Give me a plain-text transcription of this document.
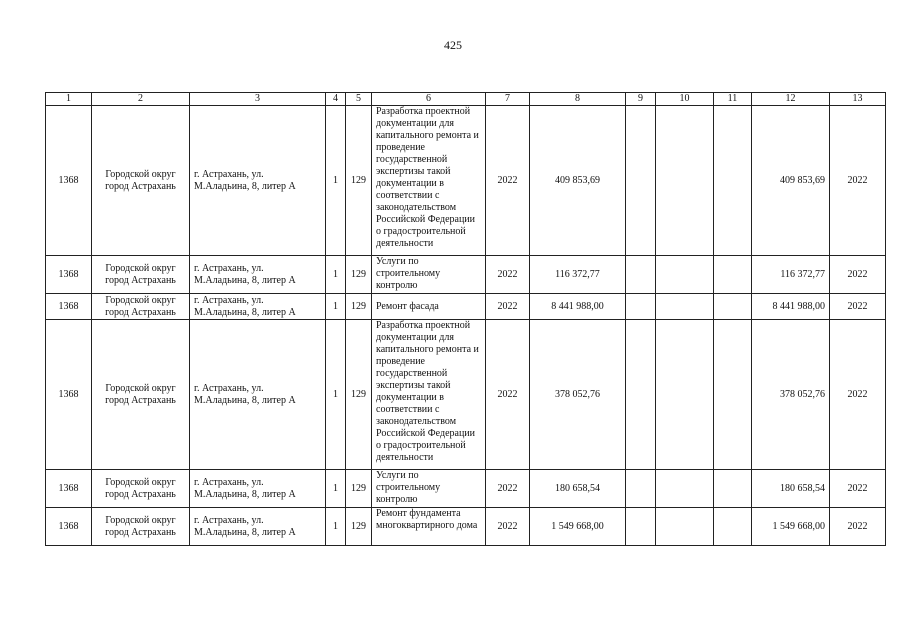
425
1	2	3	4	5	6	7	8	9	10	11	12	13
1368	Городской округ город Астрахань	г. Астрахань, ул. М.Аладьина, 8, литер А	1	129	Разработка проектной документации для капитального ремонта и проведение государственной экспертизы такой документации в соответствии с законодательством Российской Федерации о градостроительной деятельности	2022	409 853,69				409 853,69	2022
1368	Городской округ город Астрахань	г. Астрахань, ул. М.Аладьина, 8, литер А	1	129	Услуги по строительному контролю	2022	116 372,77				116 372,77	2022
1368	Городской округ город Астрахань	г. Астрахань, ул. М.Аладьина, 8, литер А	1	129	Ремонт фасада	2022	8 441 988,00				8 441 988,00	2022
1368	Городской округ город Астрахань	г. Астрахань, ул. М.Аладьина, 8, литер А	1	129	Разработка проектной документации для капитального ремонта и проведение государственной экспертизы такой документации в соответствии с законодательством Российской Федерации о градостроительной деятельности	2022	378 052,76				378 052,76	2022
1368	Городской округ город Астрахань	г. Астрахань, ул. М.Аладьина, 8, литер А	1	129	Услуги по строительному контролю	2022	180 658,54				180 658,54	2022
1368	Городской округ город Астрахань	г. Астрахань, ул. М.Аладьина, 8, литер А	1	129	Ремонт фундамента многоквартирного дома	2022	1 549 668,00				1 549 668,00	2022
